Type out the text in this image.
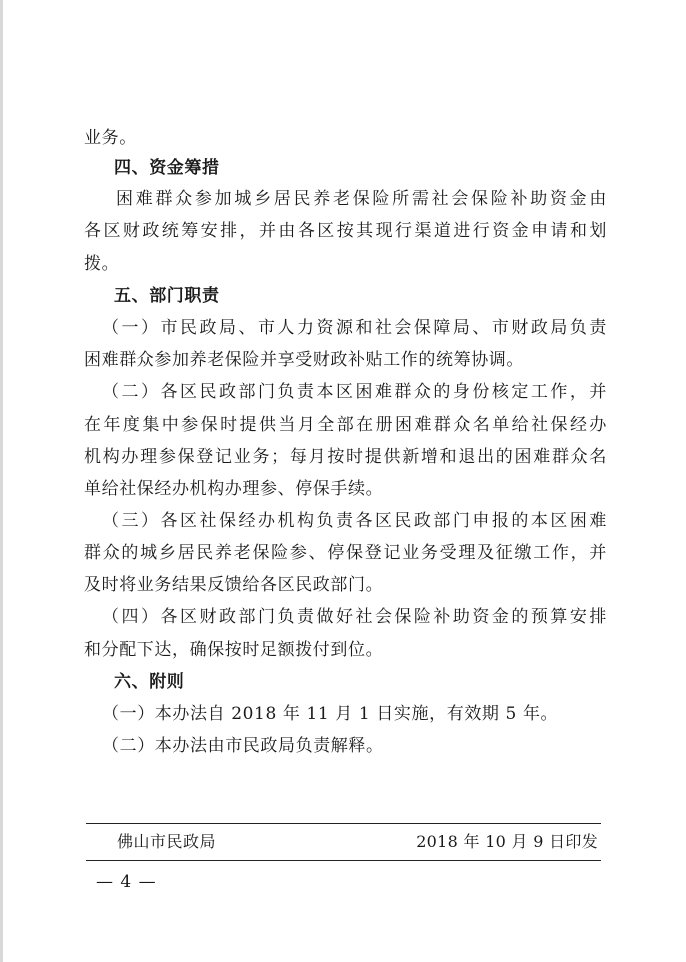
业务。
四、资金筹措
困难群众参加城乡居民养老保险所需社会保险补助资金由
各区财政统筹安排，并由各区按其现行渠道进行资金申请和划
拨。
五、部门职责
（一）市民政局、市人力资源和社会保障局、市财政局负责
困难群众参加养老保险并享受财政补贴工作的统筹协调。
（二）各区民政部门负责本区困难群众的身份核定工作，并
在年度集中参保时提供当月全部在册困难群众名单给社保经办
机构办理参保登记业务；每月按时提供新增和退出的困难群众名
单给社保经办机构办理参、停保手续。
（三）各区社保经办机构负责各区民政部门申报的本区困难
群众的城乡居民养老保险参、停保登记业务受理及征缴工作，并
及时将业务结果反馈给各区民政部门。
（四）各区财政部门负责做好社会保险补助资金的预算安排
和分配下达，确保按时足额拨付到位。
六、附则
（一）本办法自 2018 年 11 月 1 日实施，有效期 5 年。
（二）本办法由市民政局负责解释。
佛山市民政局	2018 年 10 月 9 日印发
— 4 —
